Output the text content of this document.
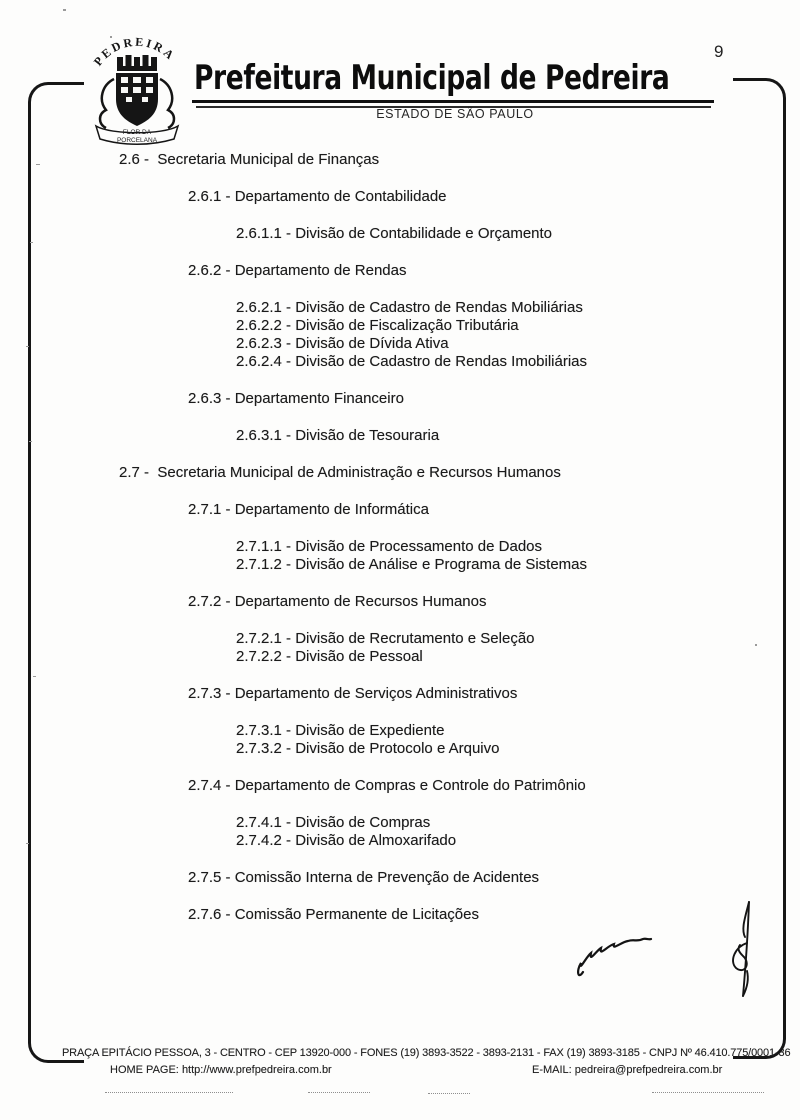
9
PEDREIRA
FLOR DA
PORCELANA
Prefeitura Municipal de Pedreira
ESTADO DE SÃO PAULO
2.6 -  Secretaria Municipal de Finanças
2.6.1 - Departamento de Contabilidade
2.6.1.1 - Divisão de Contabilidade e Orçamento
2.6.2 - Departamento de Rendas
2.6.2.1 - Divisão de Cadastro de Rendas Mobiliárias
2.6.2.2 - Divisão de Fiscalização Tributária
2.6.2.3 - Divisão de Dívida Ativa
2.6.2.4 - Divisão de Cadastro de Rendas Imobiliárias
2.6.3 - Departamento Financeiro
2.6.3.1 - Divisão de Tesouraria
2.7 -  Secretaria Municipal de Administração e Recursos Humanos
2.7.1 - Departamento de Informática
2.7.1.1 - Divisão de Processamento de Dados
2.7.1.2 - Divisão de Análise e Programa de Sistemas
2.7.2 - Departamento de Recursos Humanos
2.7.2.1 - Divisão de Recrutamento e Seleção
2.7.2.2 - Divisão de Pessoal
2.7.3 - Departamento de Serviços Administrativos
2.7.3.1 - Divisão de Expediente
2.7.3.2 - Divisão de Protocolo e Arquivo
2.7.4 - Departamento de Compras e Controle do Patrimônio
2.7.4.1 - Divisão de Compras
2.7.4.2 - Divisão de Almoxarifado
2.7.5 - Comissão Interna de Prevenção de Acidentes
2.7.6 - Comissão Permanente de Licitações
PRAÇA EPITÁCIO PESSOA, 3 - CENTRO - CEP 13920-000 - FONES (19) 3893-3522 - 3893-2131 - FAX (19) 3893-3185 - CNPJ Nº 46.410.775/0001-36
HOME PAGE: http://www.prefpedreira.com.br	E-MAIL: pedreira@prefpedreira.com.br
